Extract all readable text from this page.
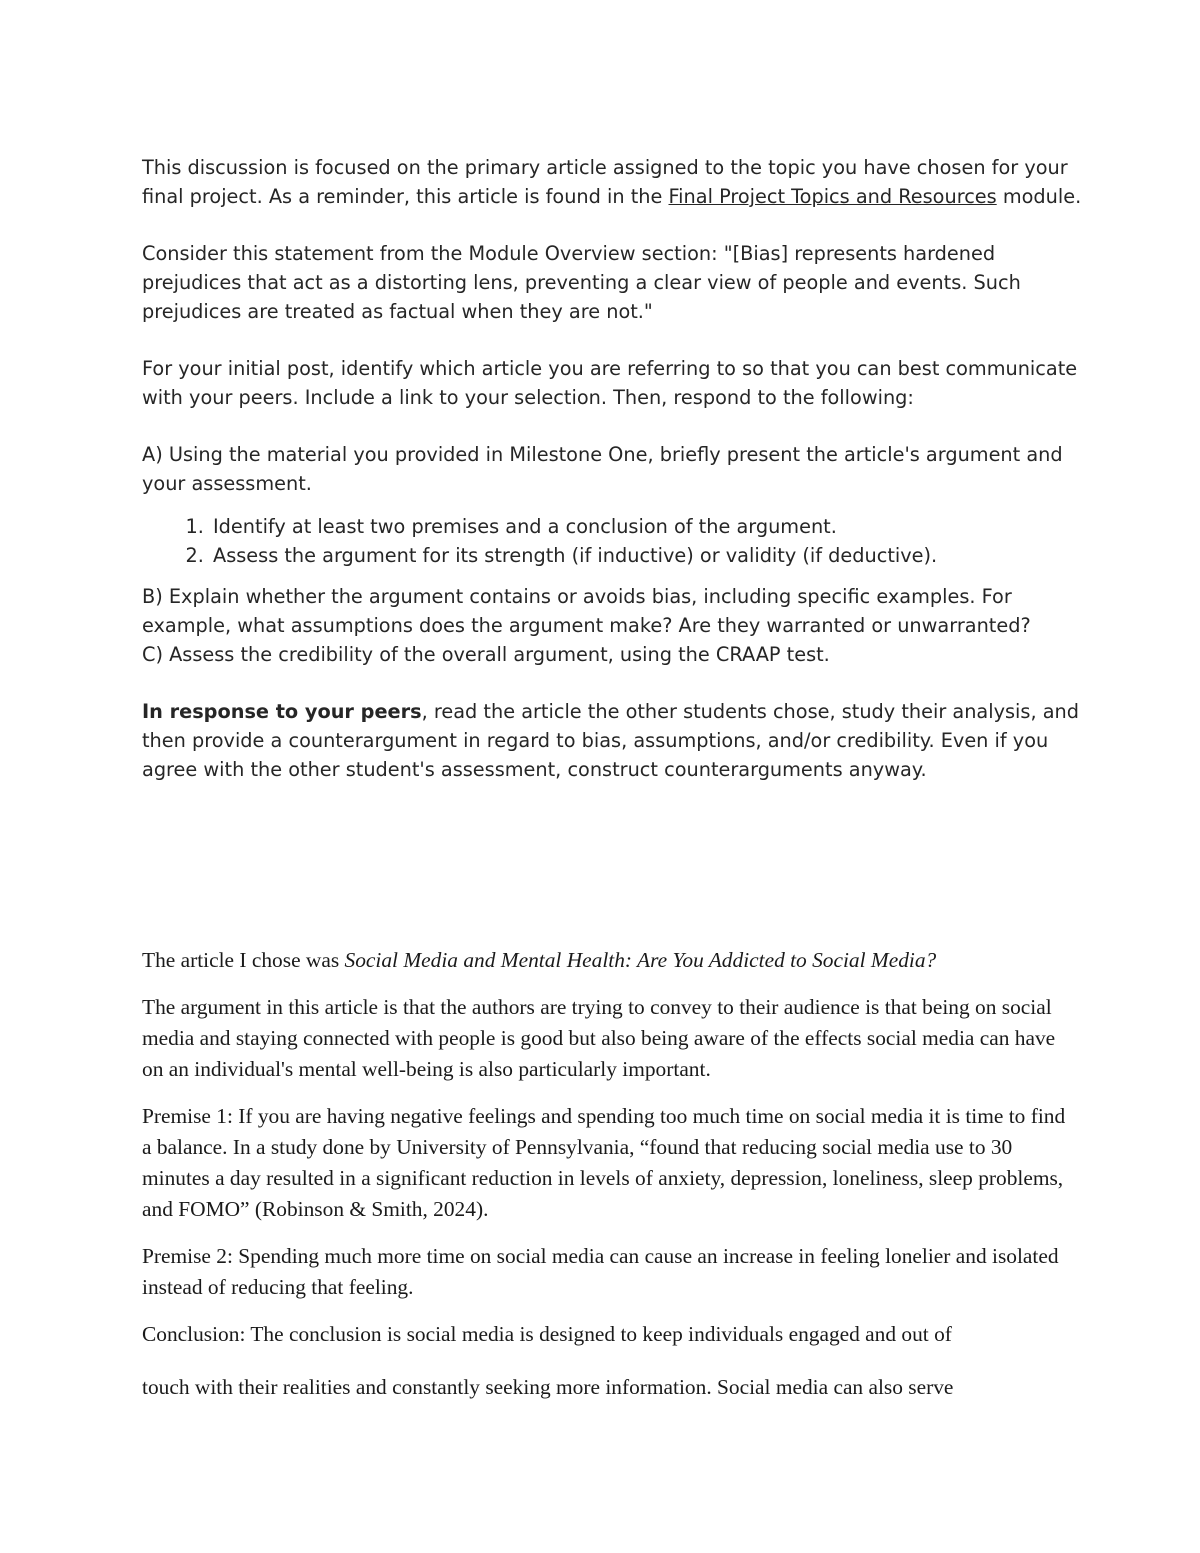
This discussion is focused on the primary article assigned to the topic you have chosen for your final project. As a reminder, this article is found in the Final Project Topics and Resources module.

Consider this statement from the Module Overview section: "[Bias] represents hardened prejudices that act as a distorting lens, preventing a clear view of people and events. Such prejudices are treated as factual when they are not."

For your initial post, identify which article you are referring to so that you can best communicate with your peers. Include a link to your selection. Then, respond to the following:

A) Using the material you provided in Milestone One, briefly present the article's argument and your assessment.

1. Identify at least two premises and a conclusion of the argument.
2. Assess the argument for its strength (if inductive) or validity (if deductive).

B) Explain whether the argument contains or avoids bias, including specific examples. For example, what assumptions does the argument make? Are they warranted or unwarranted?

C) Assess the credibility of the overall argument, using the CRAAP test.

In response to your peers, read the article the other students chose, study their analysis, and then provide a counterargument in regard to bias, assumptions, and/or credibility. Even if you agree with the other student's assessment, construct counterarguments anyway.

The article I chose was Social Media and Mental Health: Are You Addicted to Social Media?

The argument in this article is that the authors are trying to convey to their audience is that being on social media and staying connected with people is good but also being aware of the effects social media can have on an individual's mental well-being is also particularly important.

Premise 1: If you are having negative feelings and spending too much time on social media it is time to find a balance. In a study done by University of Pennsylvania, “found that reducing social media use to 30 minutes a day resulted in a significant reduction in levels of anxiety, depression, loneliness, sleep problems, and FOMO” (Robinson & Smith, 2024).

Premise 2: Spending much more time on social media can cause an increase in feeling lonelier and isolated instead of reducing that feeling.

Conclusion: The conclusion is social media is designed to keep individuals engaged and out of
touch with their realities and constantly seeking more information. Social media can also serve
